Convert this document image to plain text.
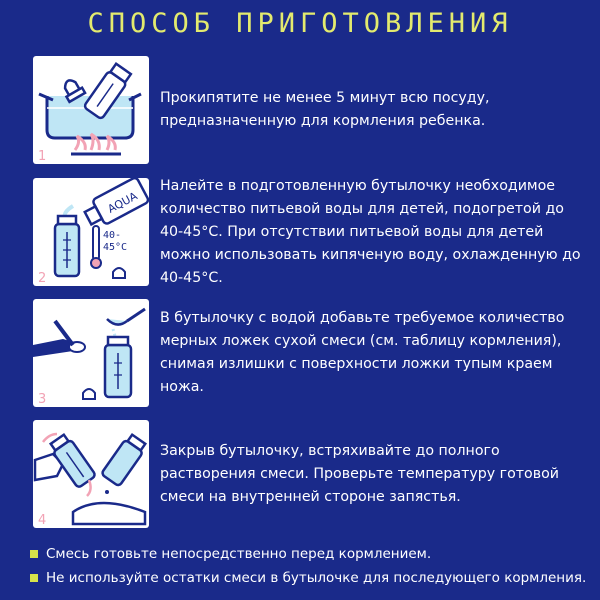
СПОСОБ ПРИГОТОВЛЕНИЯ
1

Прокипятите не менее 5 минут всю посуду, предназначенную для кормления ребенка.

AQUA
40-
45°C
2

Налейте в подготовленную бутылочку необходимое количество питьевой воды для детей, подогретой до 40-45°С. При отсутствии питьевой воды для детей можно использовать кипяченую воду, охлажденную до 40-45°С.

3

В бутылочку с водой добавьте требуемое количество мерных ложек сухой смеси (см. таблицу кормления), снимая излишки с поверхности ложки тупым краем ножа.

4

Закрыв бутылочку, встряхивайте до полного растворения смеси. Проверьте температуру готовой смеси на внутренней стороне запястья.

Смесь готовьте непосредственно перед кормлением.
Не используйте остатки смеси в бутылочке для последующего кормления.
